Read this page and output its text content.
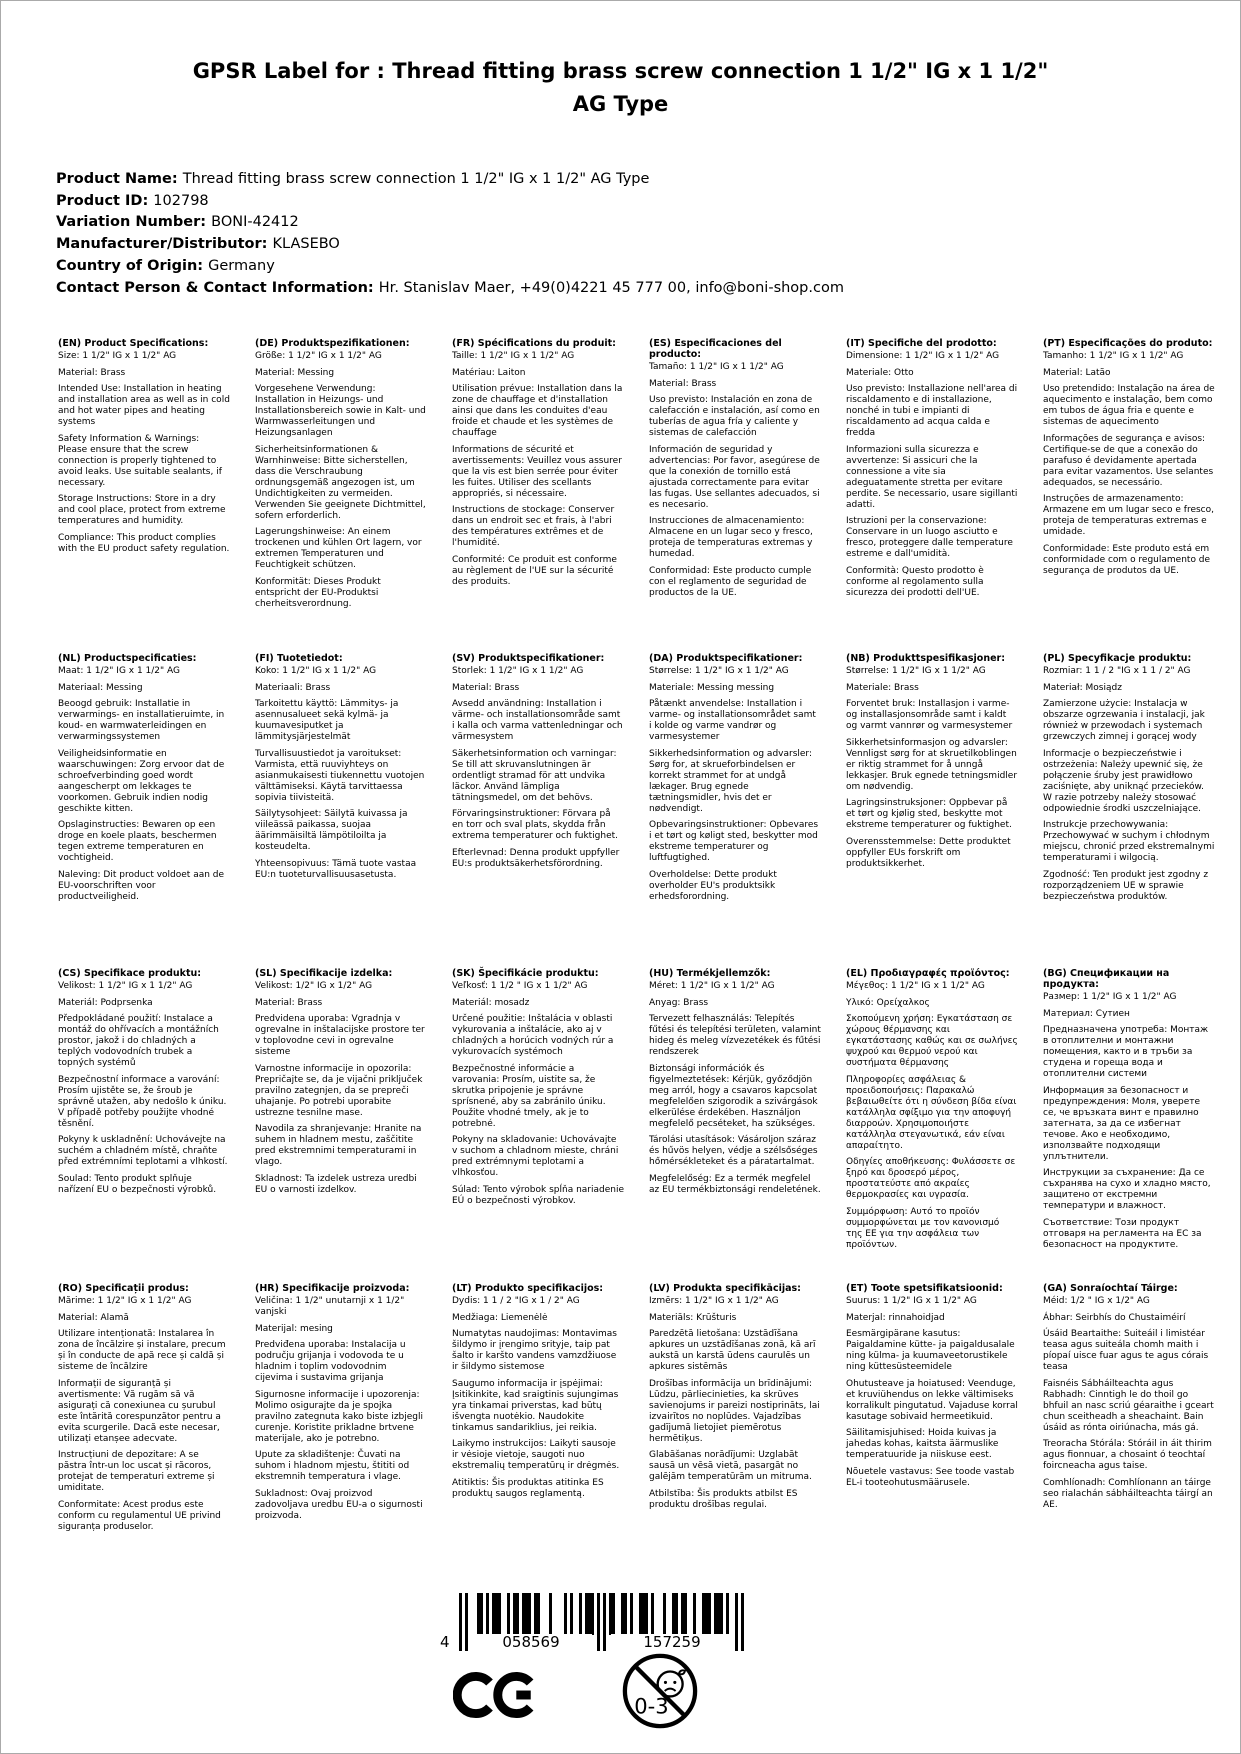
GPSR Label for : Thread fitting brass screw connection 1 1/2" IG x 1 1/2" AG Type
Product Name: Thread fitting brass screw connection 1 1/2" IG x 1 1/2" AG Type
Product ID: 102798
Variation Number: BONI-42412
Manufacturer/Distributor: KLASEBO
Country of Origin: Germany
Contact Person & Contact Information: Hr. Stanislav Maer, +49(0)4221 45 777 00, info@boni-shop.com
(EN) Product Specifications:

Size: 1 1/2" IG x 1 1/2" AG

Material: Brass

Intended Use: Installation in heating and installation area as well as in cold and hot water pipes and heating systems

Safety Information & Warnings: Please ensure that the screw connection is properly tightened to avoid leaks. Use suitable sealants, if necessary.

Storage Instructions: Store in a dry and cool place, protect from extreme temperatures and humidity.

Compliance: This product complies with the EU product safety regulation.

(DE) Produktspezifikationen:

Größe: 1 1/2" IG x 1 1/2" AG

Material: Messing

Vorgesehene Verwendung: Installation in Heizungs- und Installationsbereich sowie in Kalt- und Warmwasserleitungen und Heizungsanlagen

Sicherheitsinformationen & Warnhinweise: Bitte sicherstellen, dass die Verschraubung ordnungsgemäß angezogen ist, um Undichtigkeiten zu vermeiden. Verwenden Sie geeignete Dichtmittel, sofern erforderlich.

Lagerungshinweise: An einem trockenen und kühlen Ort lagern, vor extremen Temperaturen und Feuchtigkeit schützen.

Konformität: Dieses Produkt entspricht der EU-Produktsi cherheitsverordnung.

(FR) Spécifications du produit:

Taille: 1 1/2" IG x 1 1/2" AG

Matériau: Laiton

Utilisation prévue: Installation dans la zone de chauffage et d'installation ainsi que dans les conduites d'eau froide et chaude et les systèmes de chauffage

Informations de sécurité et avertissements: Veuillez vous assurer que la vis est bien serrée pour éviter les fuites. Utiliser des scellants appropriés, si nécessaire.

Instructions de stockage: Conserver dans un endroit sec et frais, à l'abri des températures extrêmes et de l'humidité.

Conformité: Ce produit est conforme au règlement de l'UE sur la sécurité des produits.

(ES) Especificaciones del producto:

Tamaño: 1 1/2" IG x 1 1/2" AG

Material: Brass

Uso previsto: Instalación en zona de calefacción e instalación, así como en tuberías de agua fría y caliente y sistemas de calefacción

Información de seguridad y advertencias: Por favor, asegúrese de que la conexión de tornillo está ajustada correctamente para evitar las fugas. Use sellantes adecuados, si es necesario.

Instrucciones de almacenamiento: Almacene en un lugar seco y fresco, proteja de temperaturas extremas y humedad.

Conformidad: Este producto cumple con el reglamento de seguridad de productos de la UE.

(IT) Specifiche del prodotto:

Dimensione: 1 1/2" IG x 1 1/2" AG

Materiale: Otto

Uso previsto: Installazione nell'area di riscaldamento e di installazione, nonché in tubi e impianti di riscaldamento ad acqua calda e fredda

Informazioni sulla sicurezza e avvertenze: Si assicuri che la connessione a vite sia adeguatamente stretta per evitare perdite. Se necessario, usare sigillanti adatti.

Istruzioni per la conservazione: Conservare in un luogo asciutto e fresco, proteggere dalle temperature estreme e dall'umidità.

Conformità: Questo prodotto è conforme al regolamento sulla sicurezza dei prodotti dell'UE.

(PT) Especificações do produto:

Tamanho: 1 1/2" IG x 1 1/2" AG

Material: Latão

Uso pretendido: Instalação na área de aquecimento e instalação, bem como em tubos de água fria e quente e sistemas de aquecimento

Informações de segurança e avisos: Certifique-se de que a conexão do parafuso é devidamente apertada para evitar vazamentos. Use selantes adequados, se necessário.

Instruções de armazenamento: Armazene em um lugar seco e fresco, proteja de temperaturas extremas e umidade.

Conformidade: Este produto está em conformidade com o regulamento de segurança de produtos da UE.

(NL) Productspecificaties:

Maat: 1 1/2" IG x 1 1/2" AG

Materiaal: Messing

Beoogd gebruik: Installatie in verwarmings- en installatieruimte, in koud- en warmwaterleidingen en verwarmingssystemen

Veiligheidsinformatie en waarschuwingen: Zorg ervoor dat de schroefverbinding goed wordt aangescherpt om lekkages te voorkomen. Gebruik indien nodig geschikte kitten.

Opslaginstructies: Bewaren op een droge en koele plaats, beschermen tegen extreme temperaturen en vochtigheid.

Naleving: Dit product voldoet aan de EU-voorschriften voor productveiligheid.

(FI) Tuotetiedot:

Koko: 1 1/2" IG x 1 1/2" AG

Materiaali: Brass

Tarkoitettu käyttö: Lämmitys- ja asennusalueet sekä kylmä- ja kuumavesiputket ja lämmitysjärjestelmät

Turvallisuustiedot ja varoitukset: Varmista, että ruuviyhteys on asianmukaisesti tiukennettu vuotojen välttämiseksi. Käytä tarvittaessa sopivia tiivisteitä.

Säilytysohjeet: Säilytä kuivassa ja viileässä paikassa, suojaa äärimmäisiltä lämpötiloilta ja kosteudelta.

Yhteensopivuus: Tämä tuote vastaa EU:n tuoteturvallisuusasetusta.

(SV) Produktspecifikationer:

Storlek: 1 1/2" IG x 1 1/2" AG

Material: Brass

Avsedd användning: Installation i värme- och installationsområde samt i kalla och varma vattenledningar och värmesystem

Säkerhetsinformation och varningar: Se till att skruvanslutningen är ordentligt stramad för att undvika läckor. Använd lämpliga tätningsmedel, om det behövs.

Förvaringsinstruktioner: Förvara på en torr och sval plats, skydda från extrema temperaturer och fuktighet.

Efterlevnad: Denna produkt uppfyller EU:s produktsäkerhetsförordning.

(DA) Produktspecifikationer:

Størrelse: 1 1/2" IG x 1 1/2" AG

Materiale: Messing messing

Påtænkt anvendelse: Installation i varme- og installationsområdet samt i kolde og varme vandrør og varmesystemer

Sikkerhedsinformation og advarsler: Sørg for, at skrueforbindelsen er korrekt strammet for at undgå lækager. Brug egnede tætningsmidler, hvis det er nødvendigt.

Opbevaringsinstruktioner: Opbevares i et tørt og køligt sted, beskytter mod ekstreme temperaturer og luftfugtighed.

Overholdelse: Dette produkt overholder EU's produktsikk erhedsforordning.

(NB) Produkttspesifikasjoner:

Størrelse: 1 1/2" IG x 1 1/2" AG

Materiale: Brass

Forventet bruk: Installasjon i varme- og installasjonsområde samt i kaldt og varmt vannrør og varmesystemer

Sikkerhetsinformasjon og advarsler: Vennligst sørg for at skruetilkoblingen er riktig strammet for å unngå lekkasjer. Bruk egnede tetningsmidler om nødvendig.

Lagringsinstruksjoner: Oppbevar på et tørt og kjølig sted, beskytte mot ekstreme temperaturer og fuktighet.

Overensstemmelse: Dette produktet oppfyller EUs forskrift om produktsikkerhet.

(PL) Specyfikacje produktu:

Rozmiar: 1 1 / 2 "IG x 1 1 / 2" AG

Materiał: Mosiądz

Zamierzone użycie: Instalacja w obszarze ogrzewania i instalacji, jak również w przewodach i systemach grzewczych zimnej i gorącej wody

Informacje o bezpieczeństwie i ostrzeżenia: Należy upewnić się, że połączenie śruby jest prawidłowo zaciśnięte, aby uniknąć przecieków. W razie potrzeby należy stosować odpowiednie środki uszczelniające.

Instrukcje przechowywania: Przechowywać w suchym i chłodnym miejscu, chronić przed ekstremalnymi temperaturami i wilgocią.

Zgodność: Ten produkt jest zgodny z rozporządzeniem UE w sprawie bezpieczeństwa produktów.

(CS) Specifikace produktu:

Velikost: 1 1/2" IG x 1 1/2" AG

Materiál: Podprsenka

Předpokládané použití: Instalace a montáž do ohřívacích a montážních prostor, jakož i do chladných a teplých vodovodních trubek a topných systémů

Bezpečnostní informace a varování: Prosím ujistěte se, že šroub je správně utažen, aby nedošlo k úniku. V případě potřeby použijte vhodné těsnění.

Pokyny k uskladnění: Uchovávejte na suchém a chladném místě, chraňte před extrémními teplotami a vlhkostí.

Soulad: Tento produkt splňuje nařízení EU o bezpečnosti výrobků.

(SL) Specifikacije izdelka:

Velikost: 1/2" IG x 1/2" AG

Material: Brass

Predvidena uporaba: Vgradnja v ogrevalne in inštalacijske prostore ter v toplovodne cevi in ogrevalne sisteme

Varnostne informacije in opozorila: Prepričajte se, da je vijačni priključek pravilno zategnjen, da se prepreči uhajanje. Po potrebi uporabite ustrezne tesnilne mase.

Navodila za shranjevanje: Hranite na suhem in hladnem mestu, zaščitite pred ekstremnimi temperaturami in vlago.

Skladnost: Ta izdelek ustreza uredbi EU o varnosti izdelkov.

(SK) Špecifikácie produktu:

Veľkosť: 1 1/2 " IG x 1 1/2" AG

Materiál: mosadz

Určené použitie: Inštalácia v oblasti vykurovania a inštalácie, ako aj v chladných a horúcich vodných rúr a vykurovacích systémoch

Bezpečnostné informácie a varovania: Prosím, uistite sa, že skrutka pripojenie je správne sprísnené, aby sa zabránilo úniku. Použite vhodné tmely, ak je to potrebné.

Pokyny na skladovanie: Uchovávajte v suchom a chladnom mieste, chráni pred extrémnymi teplotami a vlhkosťou.

Súlad: Tento výrobok spĺňa nariadenie EÚ o bezpečnosti výrobkov.

(HU) Termékjellemzők:

Méret: 1 1/2" IG x 1 1/2" AG

Anyag: Brass

Tervezett felhasználás: Telepítés fűtési és telepítési területen, valamint hideg és meleg vízvezetékek és fűtési rendszerek

Biztonsági információk és figyelmeztetések: Kérjük, győződjön meg arról, hogy a csavaros kapcsolat megfelelően szigorodik a szivárgások elkerülése érdekében. Használjon megfelelő pecséteket, ha szükséges.

Tárolási utasítások: Vásároljon száraz és hűvös helyen, védje a szélsőséges hőmérsékleteket és a páratartalmat.

Megfelelőség: Ez a termék megfelel az EU termékbiztonsági rendeletének.

(EL) Προδιαγραφές προϊόντος:

Μέγεθος: 1 1/2" IG x 1 1/2" AG

Υλικό: Ορείχαλκος

Σκοπούμενη χρήση: Εγκατάσταση σε χώρους θέρμανσης και εγκατάστασης καθώς και σε σωλήνες ψυχρού και θερμού νερού και συστήματα θέρμανσης

Πληροφορίες ασφάλειας & προειδοποιήσεις: Παρακαλώ βεβαιωθείτε ότι η σύνδεση βίδα είναι κατάλληλα σφίξιμο για την αποφυγή διαρροών. Χρησιμοποιήστε κατάλληλα στεγανωτικά, εάν είναι απαραίτητο.

Οδηγίες αποθήκευσης: Φυλάσσετε σε ξηρό και δροσερό μέρος, προστατεύστε από ακραίες θερμοκρασίες και υγρασία.

Συμμόρφωση: Αυτό το προϊόν συμμορφώνεται με τον κανονισμό της ΕΕ για την ασφάλεια των προϊόντων.

(BG) Спецификации на продукта:

Размер: 1 1/2" IG x 1 1/2" AG

Материал: Сутиен

Предназначена употреба: Монтаж в отоплителни и монтажни помещения, както и в тръби за студена и гореща вода и отоплителни системи

Информация за безопасност и предупреждения: Моля, уверете се, че връзката винт е правилно затегната, за да се избегнат течове. Ако е необходимо, използвайте подходящи уплътнители.

Инструкции за съхранение: Да се съхранява на сухо и хладно място, защитено от екстремни температури и влажност.

Съответствие: Този продукт отговаря на регламента на ЕС за безопасност на продуктите.

(RO) Specificații produs:

Mărime: 1 1/2" IG x 1 1/2" AG

Material: Alamă

Utilizare intenționată: Instalarea în zona de încălzire și instalare, precum și în conducte de apă rece și caldă și sisteme de încălzire

Informații de siguranță și avertismente: Vă rugăm să vă asigurați că conexiunea cu șurubul este întărită corespunzător pentru a evita scurgerile. Dacă este necesar, utilizați etanșee adecvate.

Instrucțiuni de depozitare: A se păstra într-un loc uscat și răcoros, protejat de temperaturi extreme și umiditate.

Conformitate: Acest produs este conform cu regulamentul UE privind siguranța produselor.

(HR) Specifikacije proizvoda:

Veličina: 1 1/2" unutarnji x 1 1/2" vanjski

Materijal: mesing

Predviđena uporaba: Instalacija u području grijanja i vodovoda te u hladnim i toplim vodovodnim cijevima i sustavima grijanja

Sigurnosne informacije i upozorenja: Molimo osigurajte da je spojka pravilno zategnuta kako biste izbjegli curenje. Koristite prikladne brtvene materijale, ako je potrebno.

Upute za skladištenje: Čuvati na suhom i hladnom mjestu, štititi od ekstremnih temperatura i vlage.

Sukladnost: Ovaj proizvod zadovoljava uredbu EU-a o sigurnosti proizvoda.

(LT) Produkto specifikacijos:

Dydis: 1 1 / 2 "IG x 1 / 2" AG

Medžiaga: Liemenėlė

Numatytas naudojimas: Montavimas šildymo ir įrengimo srityje, taip pat šalto ir karšto vandens vamzdžiuose ir šildymo sistemose

Saugumo informacija ir įspėjimai: Įsitikinkite, kad sraigtinis sujungimas yra tinkamai priverstas, kad būtų išvengta nuotėkio. Naudokite tinkamus sandariklius, jei reikia.

Laikymo instrukcijos: Laikyti sausoje ir vėsioje vietoje, saugoti nuo ekstremalių temperatūrų ir drėgmės.

Atitiktis: Šis produktas atitinka ES produktų saugos reglamentą.

(LV) Produkta specifikācijas:

Izmērs: 1 1/2" IG x 1 1/2" AG

Materiāls: Krūšturis

Paredzētā lietošana: Uzstādīšana apkures un uzstādīšanas zonā, kā arī aukstā un karstā ūdens caurulēs un apkures sistēmās

Drošības informācija un brīdinājumi: Lūdzu, pārliecinieties, ka skrūves savienojums ir pareizi nostiprināts, lai izvairītos no noplūdes. Vajadzības gadījumā lietojiet piemērotus hermētiķus.

Glabāšanas norādījumi: Uzglabāt sausā un vēsā vietā, pasargāt no galējām temperatūrām un mitruma.

Atbilstība: Šis produkts atbilst ES produktu drošības regulai.

(ET) Toote spetsifikatsioonid:

Suurus: 1 1/2" IG x 1 1/2" AG

Materjal: rinnahoidjad

Eesmärgipärane kasutus: Paigaldamine kütte- ja paigaldusalale ning külma- ja kuumaveetorustikele ning küttesüsteemidele

Ohutusteave ja hoiatused: Veenduge, et kruviühendus on lekke vältimiseks korralikult pingutatud. Vajaduse korral kasutage sobivaid hermeetikuid.

Säilitamisjuhised: Hoida kuivas ja jahedas kohas, kaitsta äärmuslike temperatuuride ja niiskuse eest.

Nõuetele vastavus: See toode vastab EL-i tooteohutusmäärusele.

(GA) Sonraíochtaí Táirge:

Méid: 1/2 " IG x 1/2" AG

Ábhar: Seirbhís do Chustaiméirí

Úsáid Beartaithe: Suiteáil i limistéar teasa agus suiteála chomh maith i píopaí uisce fuar agus te agus córais teasa

Faisnéis Sábháilteachta agus Rabhadh: Cinntigh le do thoil go bhfuil an nasc scriú géaraithe i gceart chun sceitheadh a sheachaint. Bain úsáid as rónta oiriúnacha, más gá.

Treoracha Stórála: Stóráil in áit thirim agus fionnuar, a chosaint ó teochtaí foircneacha agus taise.

Comhlíonadh: Comhlíonann an táirge seo rialachán sábháilteachta táirgí an AE.

4	058569	157259
0-3
